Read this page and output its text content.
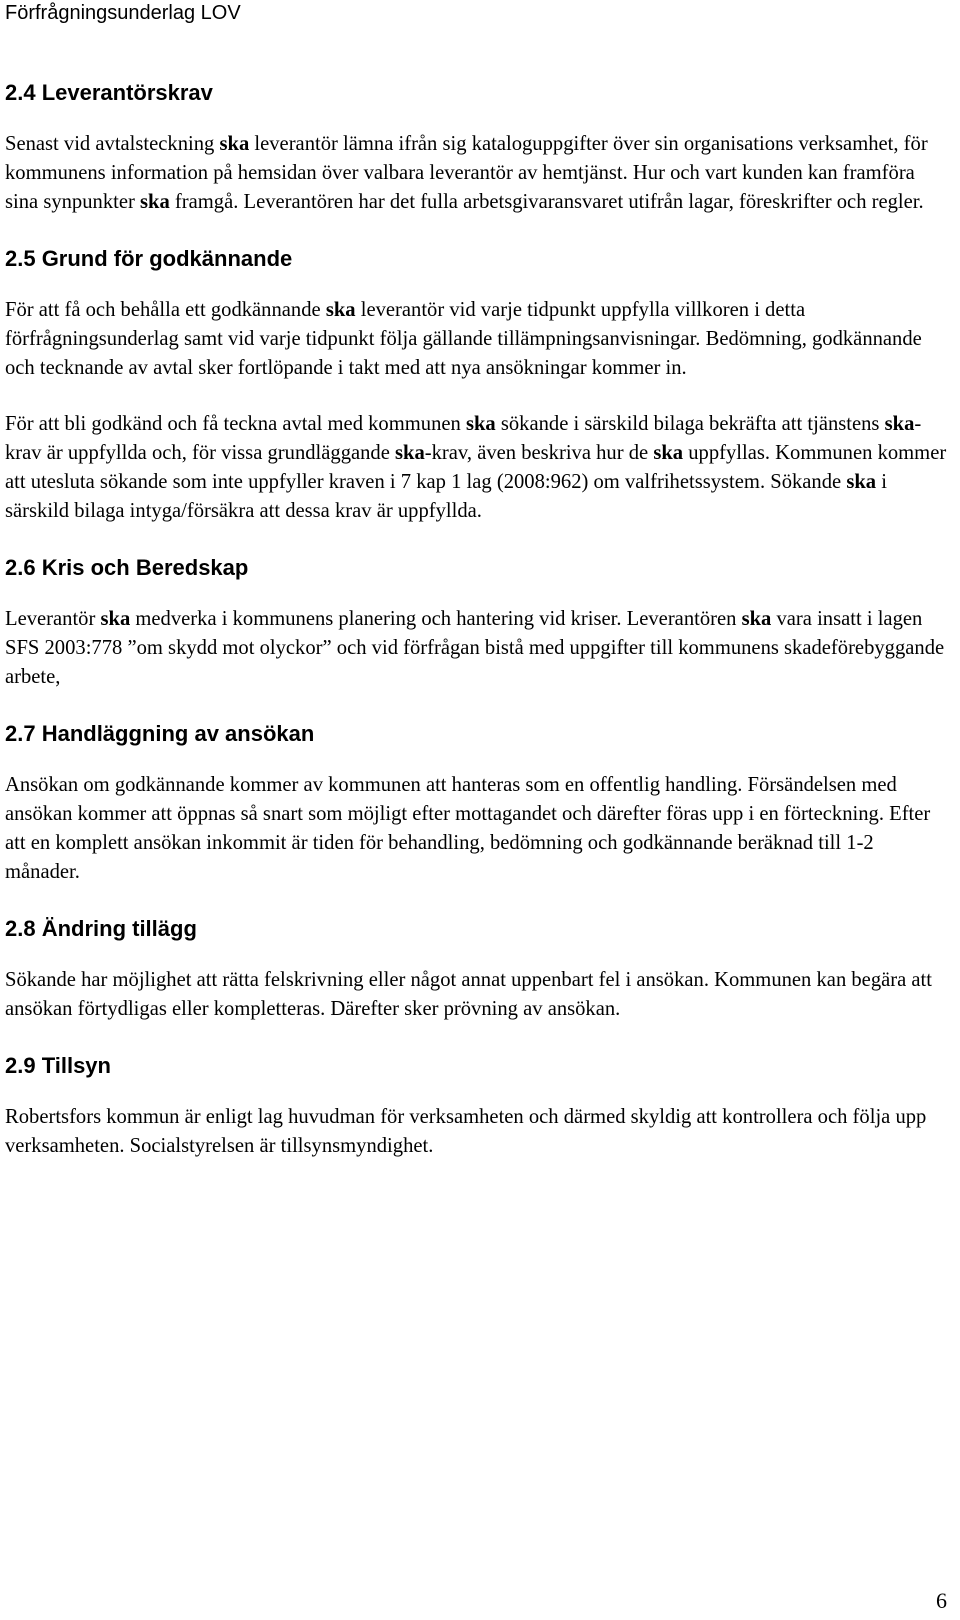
Förfrågningsunderlag LOV
2.4 Leverantörskrav

Senast vid avtalsteckning ska leverantör lämna ifrån sig kataloguppgifter över sin organisations verksamhet, för kommunens information på hemsidan över valbara leverantör av hemtjänst. Hur och vart kunden kan framföra sina synpunkter ska framgå. Leverantören har det fulla arbetsgivaransvaret utifrån lagar, föreskrifter och regler.

2.5 Grund för godkännande

För att få och behålla ett godkännande ska leverantör vid varje tidpunkt uppfylla villkoren i detta förfrågningsunderlag samt vid varje tidpunkt följa gällande tillämpningsanvisningar. Bedömning, godkännande och tecknande av avtal sker fortlöpande i takt med att nya ansökningar kommer in.

För att bli godkänd och få teckna avtal med kommunen ska sökande i särskild bilaga bekräfta att tjänstens ska-krav är uppfyllda och, för vissa grundläggande ska-krav, även beskriva hur de ska uppfyllas. Kommunen kommer att utesluta sökande som inte uppfyller kraven i 7 kap 1 lag (2008:962) om valfrihetssystem. Sökande ska i särskild bilaga intyga/försäkra att dessa krav är uppfyllda.

2.6 Kris och Beredskap

Leverantör ska medverka i kommunens planering och hantering vid kriser. Leverantören ska vara insatt i lagen SFS 2003:778 ”om skydd mot olyckor” och vid förfrågan bistå med uppgifter till kommunens skadeförebyggande arbete,

2.7 Handläggning av ansökan

Ansökan om godkännande kommer av kommunen att hanteras som en offentlig handling. Försändelsen med ansökan kommer att öppnas så snart som möjligt efter mottagandet och därefter föras upp i en förteckning. Efter att en komplett ansökan inkommit är tiden för behandling, bedömning och godkännande beräknad till 1-2 månader.

2.8 Ändring tillägg

Sökande har möjlighet att rätta felskrivning eller något annat uppenbart fel i ansökan. Kommunen kan begära att ansökan förtydligas eller kompletteras. Därefter sker prövning av ansökan.

2.9 Tillsyn

Robertsfors kommun är enligt lag huvudman för verksamheten och därmed skyldig att kontrollera och följa upp verksamheten. Socialstyrelsen är tillsynsmyndighet.

6
